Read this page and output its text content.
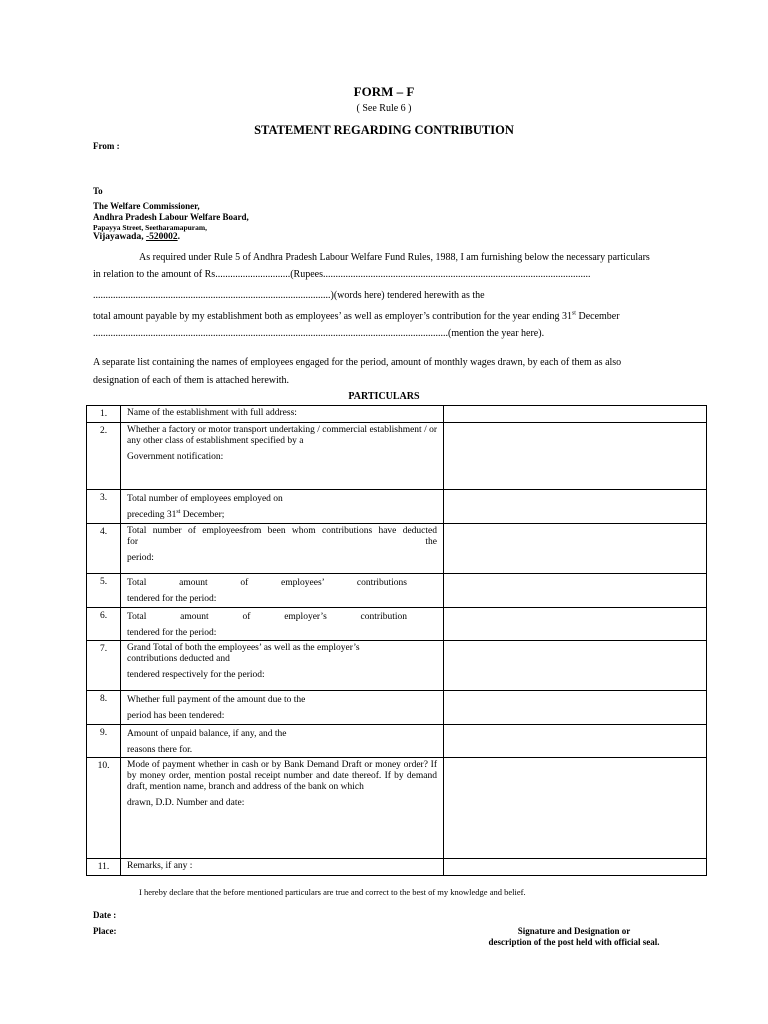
FORM – F
( See Rule 6 )
STATEMENT REGARDING CONTRIBUTION
From :
To
The Welfare Commissioner,
Andhra Pradesh Labour Welfare Board,
Papayya Street, Seetharamapuram,
Vijayawada, -520002.
As required under Rule 5 of Andhra Pradesh Labour Welfare Fund Rules, 1988, I am furnishing below the necessary particulars
in relation to the amount of Rs..............................(Rupees...........................................................................................................
...............................................................................................)(words here) tendered herewith as the
total amount payable by my establishment both as employees’ as well as employer’s contribution for the year ending 31st December
..............................................................................................................................................(mention the year here).
A separate list containing the names of employees engaged for the period, amount of monthly wages drawn, by each of them as also
designation of each of them is attached herewith.
PARTICULARS
1.	Name of the establishment with full address:	
2.	Whether a factory or motor transport undertaking / commercial establishment / or any other class of establishment specified by a
Government notification:	

3.	Total number of employees employed on
preceding 31st December;	

4.	Total number of employeesfrom been whom contributions have deducted for the
period:	

5.	Total amount of employees’ contributions
tendered for the period:	

6.	Total amount of employer’s contribution
tendered for the period:	

7.	Grand Total of both the employees’ as well as the employer’s contributions deducted and
tendered respectively for the period:	

8.	Whether full payment of the amount due to the
period has been tendered:	

9.	Amount of unpaid balance, if any, and the
reasons there for.	

10.	Mode of payment whether in cash or by Bank Demand Draft or money order? If by money order, mention postal receipt number and date thereof. If by demand draft, mention name, branch and address of the bank on which
drawn, D.D. Number and date:	

11.	Remarks, if any :	
I hereby declare that the before mentioned particulars are true and correct to the best of my knowledge and belief.
Date :
Place:	Signature and Designation or
description of the post held with official seal.
